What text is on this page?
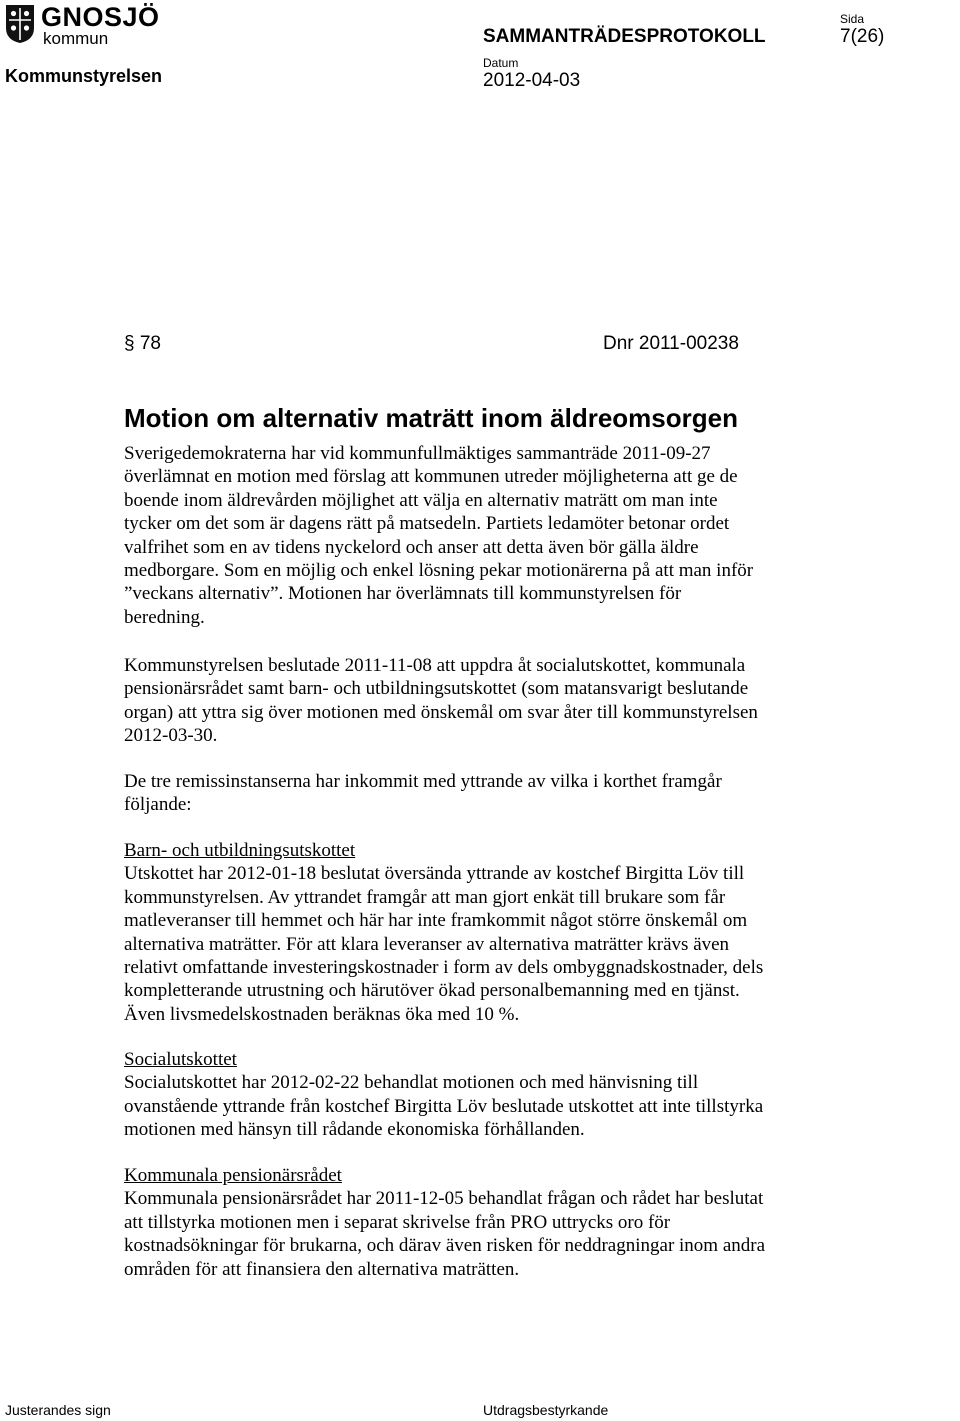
GNOSJÖ
kommun
Kommunstyrelsen
SAMMANTRÄDESPROTOKOLL
Sida
7(26)
Datum
2012-04-03
§ 78	Dnr 2011-00238
Motion om alternativ maträtt inom äldreomsorgen

Sverigedemokraterna har vid kommunfullmäktiges sammanträde 2011-09-27

överlämnat en motion med förslag att kommunen utreder möjligheterna att ge de

boende inom äldrevården möjlighet att välja en alternativ maträtt om man inte

tycker om det som är dagens rätt på matsedeln. Partiets ledamöter betonar ordet

valfrihet som en av tidens nyckelord och anser att detta även bör gälla äldre

medborgare. Som en möjlig och enkel lösning pekar motionärerna på att man inför

”veckans alternativ”. Motionen har överlämnats till kommunstyrelsen för

beredning.

Kommunstyrelsen beslutade 2011-11-08 att uppdra åt socialutskottet, kommunala

pensionärsrådet samt barn- och utbildningsutskottet (som matansvarigt beslutande

organ) att yttra sig över motionen med önskemål om svar åter till kommunstyrelsen

2012-03-30.

De tre remissinstanserna har inkommit med yttrande av vilka i korthet framgår

följande:

Barn- och utbildningsutskottet

Utskottet har 2012-01-18 beslutat översända yttrande av kostchef Birgitta Löv till

kommunstyrelsen. Av yttrandet framgår att man gjort enkät till brukare som får

matleveranser till hemmet och här har inte framkommit något större önskemål om

alternativa maträtter. För att klara leveranser av alternativa maträtter krävs även

relativt omfattande investeringskostnader i form av dels ombyggnadskostnader, dels

kompletterande utrustning och härutöver ökad personalbemanning med en tjänst.

Även livsmedelskostnaden beräknas öka med 10 %.

Socialutskottet

Socialutskottet har 2012-02-22 behandlat motionen och med hänvisning till

ovanstående yttrande från kostchef Birgitta Löv beslutade utskottet att inte tillstyrka

motionen med hänsyn till rådande ekonomiska förhållanden.

Kommunala pensionärsrådet

Kommunala pensionärsrådet har 2011-12-05 behandlat frågan och rådet har beslutat

att tillstyrka motionen men i separat skrivelse från PRO uttrycks oro för

kostnadsökningar för brukarna, och därav även risken för neddragningar inom andra

områden för att finansiera den alternativa maträtten.

Justerandes sign	Utdragsbestyrkande
